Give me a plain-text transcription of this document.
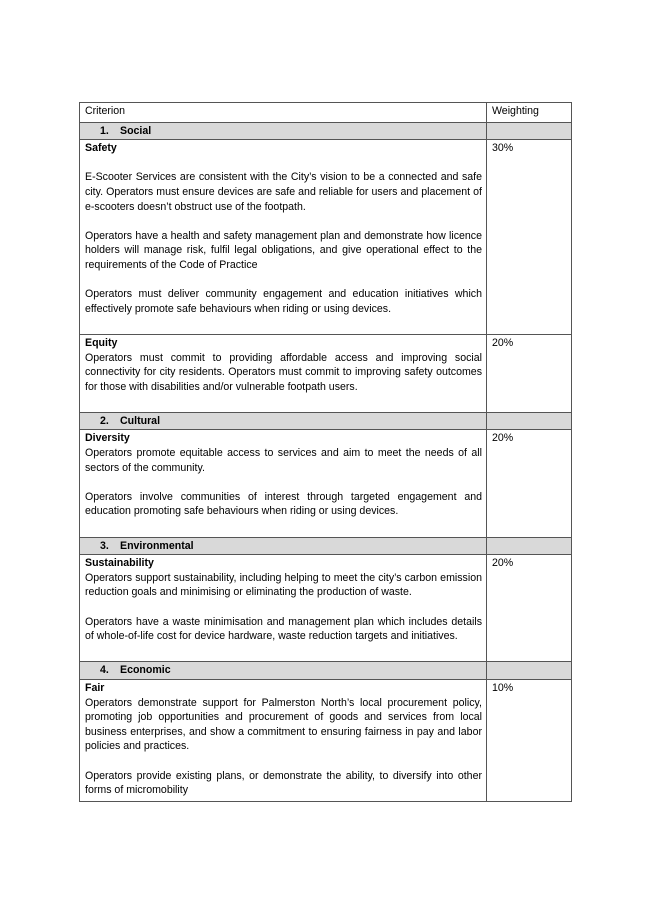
Criterion	Weighting
1. Social	

Safety

E-Scooter Services are consistent with the City’s vision to be a connected and safe city. Operators must ensure devices are safe and reliable for users and placement of e-scooters doesn’t obstruct use of the footpath.

Operators have a health and safety management plan and demonstrate how licence holders will manage risk, fulfil legal obligations, and give operational effect to the requirements of the Code of Practice

Operators must deliver community engagement and education initiatives which effectively promote safe behaviours when riding or using devices.	30%

Equity

Operators must commit to providing affordable access and improving social connectivity for city residents. Operators must commit to improving safety outcomes for those with disabilities and/or vulnerable footpath users.	20%
2. Cultural	

Diversity

Operators promote equitable access to services and aim to meet the needs of all sectors of the community.

Operators involve communities of interest through targeted engagement and education promoting safe behaviours when riding or using devices.	20%
3. Environmental	

Sustainability

Operators support sustainability, including helping to meet the city’s carbon emission reduction goals and minimising or eliminating the production of waste.

Operators have a waste minimisation and management plan which includes details of whole-of-life cost for device hardware, waste reduction targets and initiatives.	20%
4. Economic	

Fair

Operators demonstrate support for Palmerston North’s local procurement policy, promoting job opportunities and procurement of goods and services from local business enterprises, and show a commitment to ensuring fairness in pay and labor policies and practices.

Operators provide existing plans, or demonstrate the ability, to diversify into other forms of micromobility	10%
